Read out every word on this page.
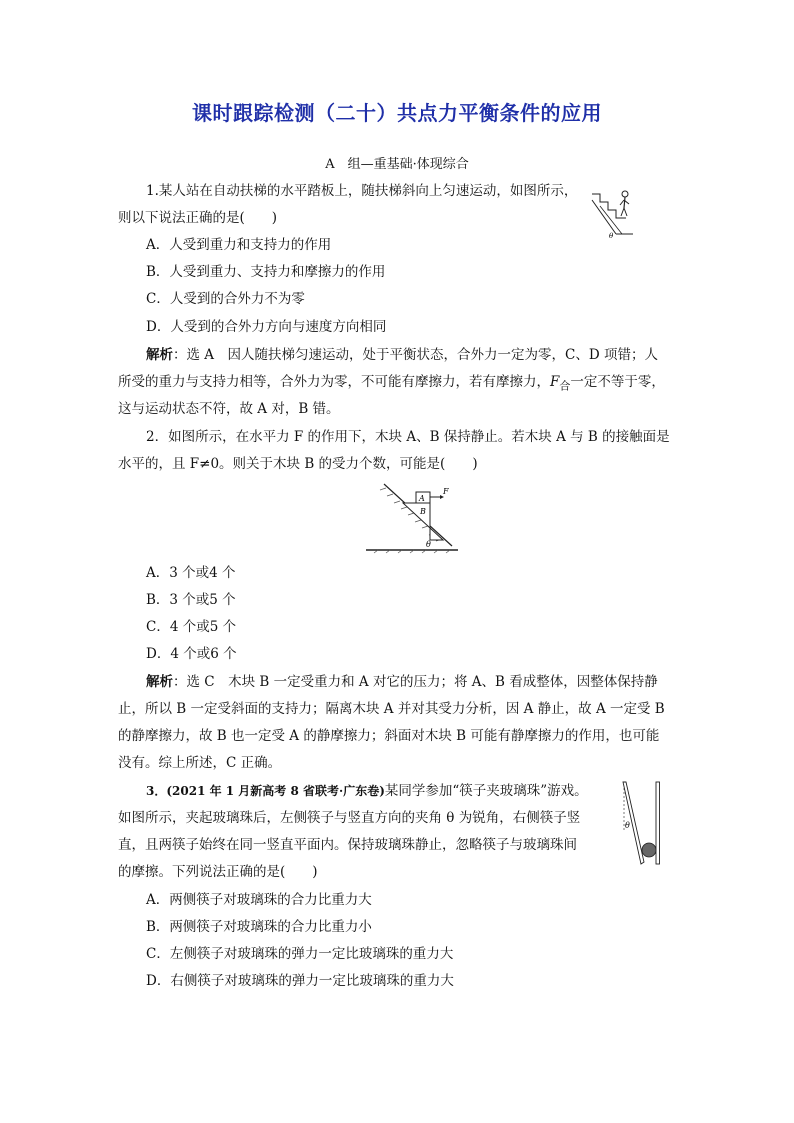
课时跟踪检测（二十）共点力平衡条件的应用
A　组—重基础·体现综合
1.某人站在自动扶梯的水平踏板上，随扶梯斜向上匀速运动，如图所示，
则以下说法正确的是(　　)
θ
A．人受到重力和支持力的作用
B．人受到重力、支持力和摩擦力的作用
C．人受到的合外力不为零
D．人受到的合外力方向与速度方向相同
解析：选 A　因人随扶梯匀速运动，处于平衡状态，合外力一定为零，C、D 项错；人
所受的重力与支持力相等，合外力为零，不可能有摩擦力，若有摩擦力，$F_合$一定不等于零，
这与运动状态不符，故 A 对，B 错。
2．如图所示，在水平力 F 的作用下，木块 A、B 保持静止。若木块 A 与 B 的接触面是
水平的，且 F≠0。则关于木块 B 的受力个数，可能是(　　)
A
B
F
θ
A．3 个或4 个
B．3 个或5 个
C．4 个或5 个
D．4 个或6 个
解析：选 C　木块 B 一定受重力和 A 对它的压力；将 A、B 看成整体，因整体保持静
止，所以 B 一定受斜面的支持力；隔离木块 A 并对其受力分析，因 A 静止，故 A 一定受 B
的静摩擦力，故 B 也一定受 A 的静摩擦力；斜面对木块 B 可能有静摩擦力的作用，也可能
没有。综上所述，C 正确。
3．(2021 年 1 月新高考 8 省联考·广东卷)某同学参加“筷子夹玻璃珠”游戏。
如图所示，夹起玻璃珠后，左侧筷子与竖直方向的夹角 θ 为锐角，右侧筷子竖
直，且两筷子始终在同一竖直平面内。保持玻璃珠静止，忽略筷子与玻璃珠间
的摩擦。下列说法正确的是(　　)
θ
A．两侧筷子对玻璃珠的合力比重力大
B．两侧筷子对玻璃珠的合力比重力小
C．左侧筷子对玻璃珠的弹力一定比玻璃珠的重力大
D．右侧筷子对玻璃珠的弹力一定比玻璃珠的重力大
